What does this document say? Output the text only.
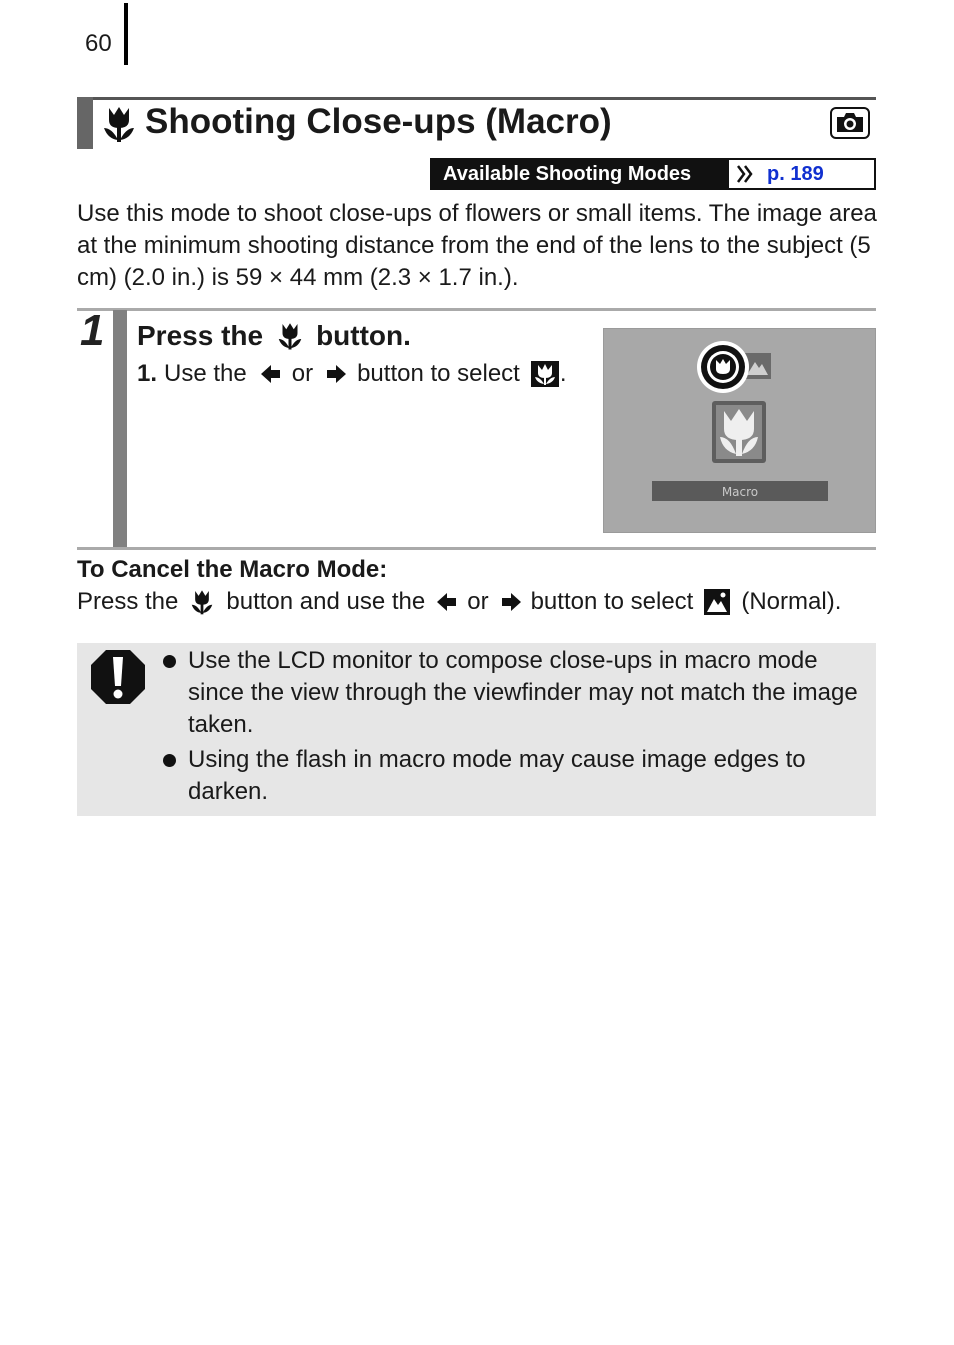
60
Shooting Close-ups (Macro)
Available Shooting Modes	p. 189
Use this mode to shoot close-ups of flowers or small items. The image area at the minimum shooting distance from the end of the lens to the subject (5 cm) (2.0 in.) is 59 × 44 mm (2.3 × 1.7 in.).
1 Press the button.
1. Use the or button to select .
Macro
To Cancel the Macro Mode:
Press the button and use the or button to select (Normal).
Use the LCD monitor to compose close-ups in macro mode since the view through the viewfinder may not match the image taken.
Using the flash in macro mode may cause image edges to darken.
